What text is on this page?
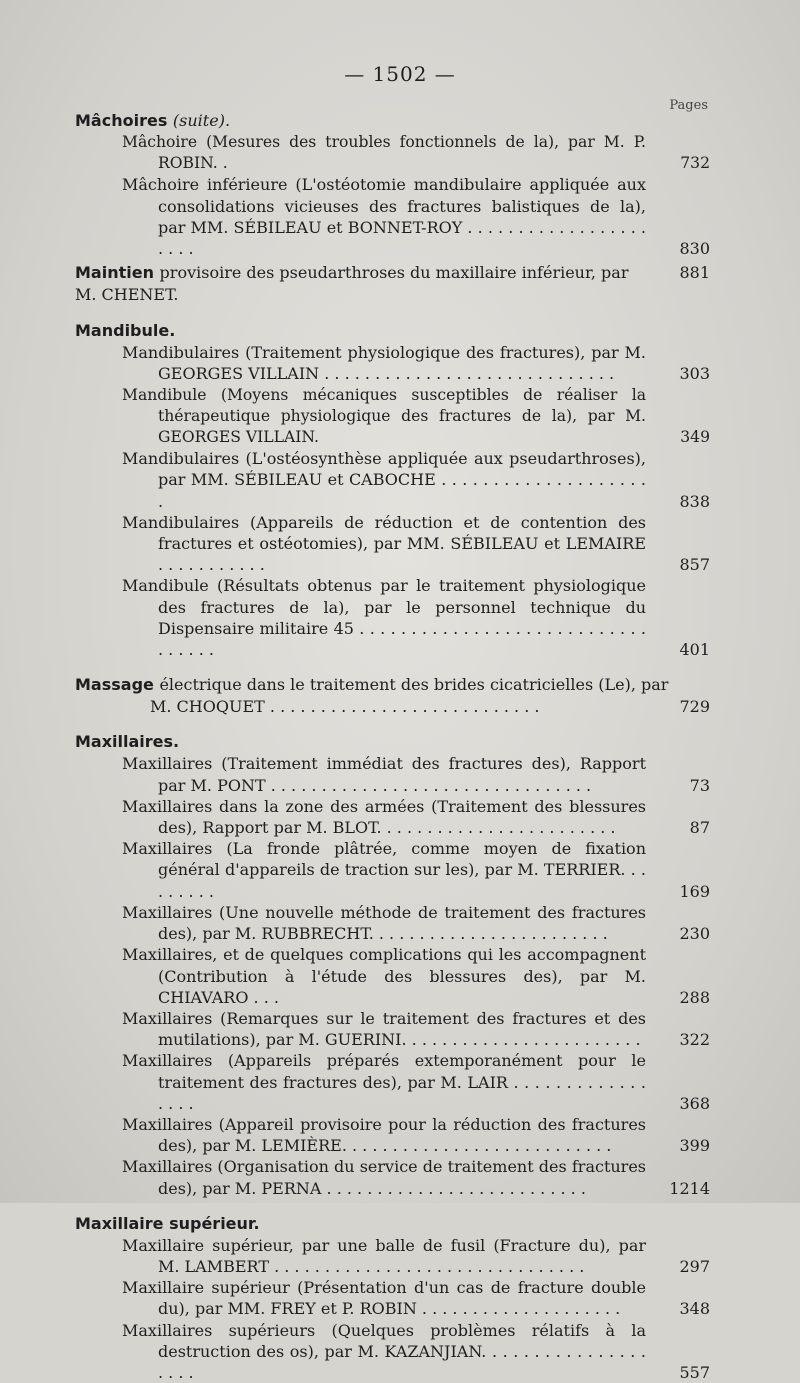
— 1502 —
Pages
Mâchoires (suite).
Mâchoire (Mesures des troubles fonctionnels de la), par M. P. ROBIN. .	732
Mâchoire inférieure (L'ostéotomie mandibulaire appliquée aux consolidations vicieuses des fractures balistiques de la), par MM. SÉBILEAU et BONNET-ROY . . . . . . . . . . . . . . . . . . . . . .	830
Maintien provisoire des pseudarthroses du maxillaire inférieur, par M. CHENET.
881
Mandibule.
Mandibulaires (Traitement physiologique des fractures), par M. GEORGES VILLAIN . . . . . . . . . . . . . . . . . . . . . . . . . . . . .	303
Mandibule (Moyens mécaniques susceptibles de réaliser la thérapeutique physiologique des fractures de la), par M. GEORGES VILLAIN.	349
Mandibulaires (L'ostéosynthèse appliquée aux pseudarthroses), par MM. SÉBILEAU et CABOCHE . . . . . . . . . . . . . . . . . . . . .	838
Mandibulaires (Appareils de réduction et de contention des fractures et ostéotomies), par MM. SÉBILEAU et LEMAIRE . . . . . . . . . . .	857
Mandibule (Résultats obtenus par le traitement physiologique des fractures de la), par le personnel technique du Dispensaire militaire 45 . . . . . . . . . . . . . . . . . . . . . . . . . . . . . . . . . .	401
Massage électrique dans le traitement des brides cicatricielles (Le), par
M. CHOQUET . . . . . . . . . . . . . . . . . . . . . . . . . . .	729
Maxillaires.
Maxillaires (Traitement immédiat des fractures des), Rapport par M. PONT . . . . . . . . . . . . . . . . . . . . . . . . . . . . . . . .	73
Maxillaires dans la zone des armées (Traitement des blessures des), Rapport par M. BLOT. . . . . . . . . . . . . . . . . . . . . . . .	87
Maxillaires (La fronde plâtrée, comme moyen de fixation général d'appareils de traction sur les), par M. TERRIER. . . . . . . . .	169
Maxillaires (Une nouvelle méthode de traitement des fractures des), par M. RUBBRECHT. . . . . . . . . . . . . . . . . . . . . . . .	230
Maxillaires, et de quelques complications qui les accompagnent (Contribution à l'étude des blessures des), par M. CHIAVARO . . .	288
Maxillaires (Remarques sur le traitement des fractures et des mutilations), par M. GUERINI. . . . . . . . . . . . . . . . . . . . . . . . 322
Maxillaires (Appareils préparés extemporanément pour le traitement des fractures des), par M. LAIR . . . . . . . . . . . . . . . . .	368
Maxillaires (Appareil provisoire pour la réduction des fractures des), par M. LEMIÈRE. . . . . . . . . . . . . . . . . . . . . . . . . . .	399
Maxillaires (Organisation du service de traitement des fractures des), par M. PERNA . . . . . . . . . . . . . . . . . . . . . . . . . .	1214
Maxillaire supérieur.
Maxillaire supérieur, par une balle de fusil (Fracture du), par M. LAMBERT . . . . . . . . . . . . . . . . . . . . . . . . . . . . . . .	297
Maxillaire supérieur (Présentation d'un cas de fracture double du), par MM. FREY et P. ROBIN . . . . . . . . . . . . . . . . . . . .	348
Maxillaires supérieurs (Quelques problèmes rélatifs à la destruction des os), par M. KAZANJIAN. . . . . . . . . . . . . . . . . . . .	557
